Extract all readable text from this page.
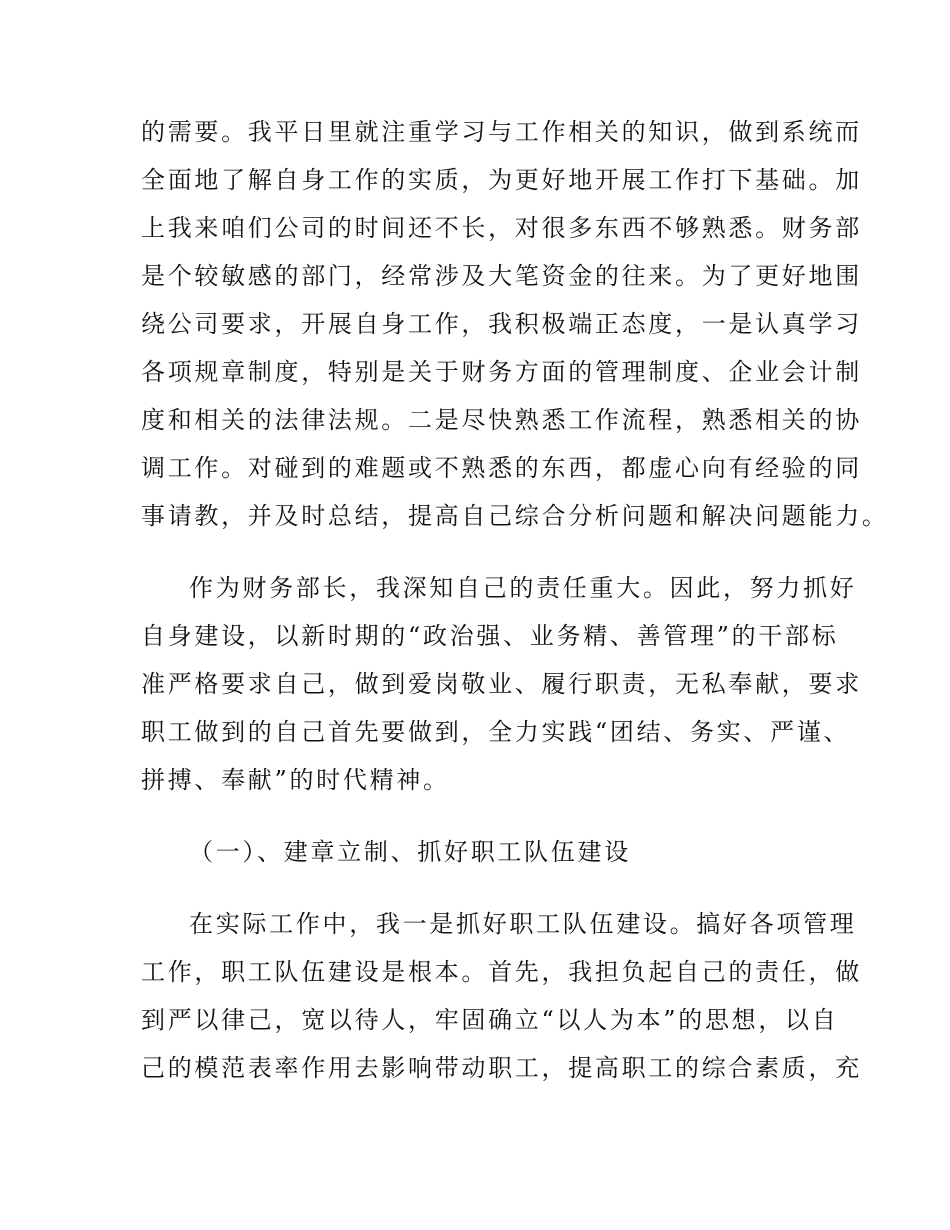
的需要。我平日里就注重学习与工作相关的知识，做到系统而
全面地了解自身工作的实质，为更好地开展工作打下基础。加
上我来咱们公司的时间还不长，对很多东西不够熟悉。财务部
是个较敏感的部门，经常涉及大笔资金的往来。为了更好地围
绕公司要求，开展自身工作，我积极端正态度，一是认真学习
各项规章制度，特别是关于财务方面的管理制度、企业会计制
度和相关的法律法规。二是尽快熟悉工作流程，熟悉相关的协
调工作。对碰到的难题或不熟悉的东西，都虚心向有经验的同
事请教，并及时总结，提高自己综合分析问题和解决问题能力。
作为财务部长，我深知自己的责任重大。因此，努力抓好
自身建设，以新时期的“政治强、业务精、善管理”的干部标
准严格要求自己，做到爱岗敬业、履行职责，无私奉献，要求
职工做到的自己首先要做到，全力实践“团结、务实、严谨、
拼搏、奉献”的时代精神。
（一）、建章立制、抓好职工队伍建设
在实际工作中，我一是抓好职工队伍建设。搞好各项管理
工作，职工队伍建设是根本。首先，我担负起自己的责任，做
到严以律己，宽以待人，牢固确立“以人为本”的思想，以自
己的模范表率作用去影响带动职工，提高职工的综合素质，充
